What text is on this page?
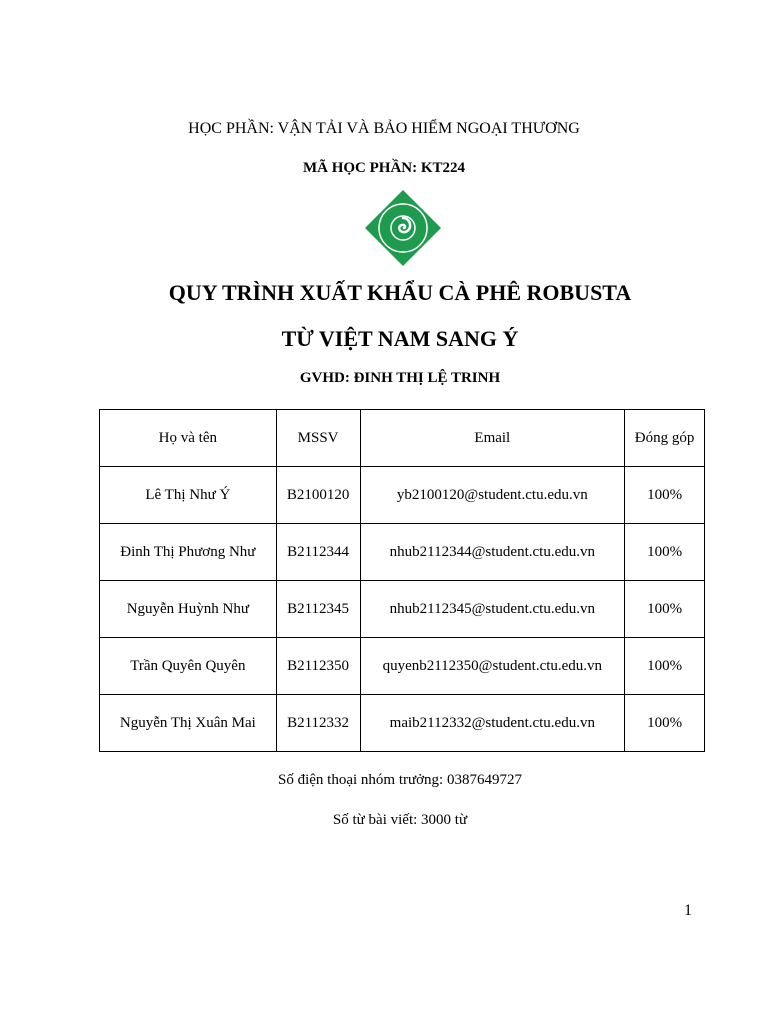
HỌC PHẦN: VẬN TẢI VÀ BẢO HIỂM NGOẠI THƯƠNG
MÃ HỌC PHẦN: KT224
QUY TRÌNH XUẤT KHẨU CÀ PHÊ ROBUSTA
TỪ VIỆT NAM SANG Ý
GVHD: ĐINH THỊ LỆ TRINH
Họ và tên	MSSV	Email	Đóng góp
Lê Thị Như Ý	B2100120	yb2100120@student.ctu.edu.vn	100%
Đinh Thị Phương Như	B2112344	nhub2112344@student.ctu.edu.vn	100%
Nguyễn Huỳnh Như	B2112345	nhub2112345@student.ctu.edu.vn	100%
Trần Quyên Quyên	B2112350	quyenb2112350@student.ctu.edu.vn	100%
Nguyễn Thị Xuân Mai	B2112332	maib2112332@student.ctu.edu.vn	100%
Số điện thoại nhóm trưởng: 0387649727
Số từ bài viết: 3000 từ
1
